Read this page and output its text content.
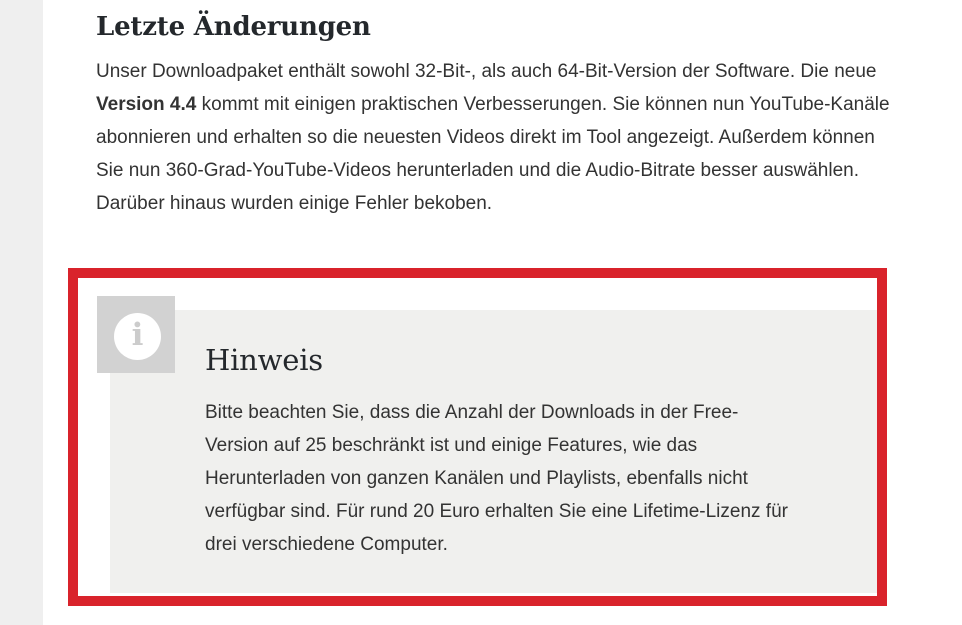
Letzte Änderungen

Unser Downloadpaket enthält sowohl 32-Bit-, als auch 64-Bit-Version der Software. Die neue Version 4.4 kommt mit einigen praktischen Verbesserungen. Sie können nun YouTube-Kanäle abonnieren und erhalten so die neuesten Videos direkt im Tool angezeigt. Außerdem können Sie nun 360-Grad-YouTube-Videos herunterladen und die Audio-Bitrate besser auswählen. Darüber hinaus wurden einige Fehler bekoben.

Hinweis

Bitte beachten Sie, dass die Anzahl der Downloads in der Free-Version auf 25 beschränkt ist und einige Features, wie das Herunterladen von ganzen Kanälen und Playlists, ebenfalls nicht verfügbar sind. Für rund 20 Euro erhalten Sie eine Lifetime-Lizenz für drei verschiedene Computer.

i
